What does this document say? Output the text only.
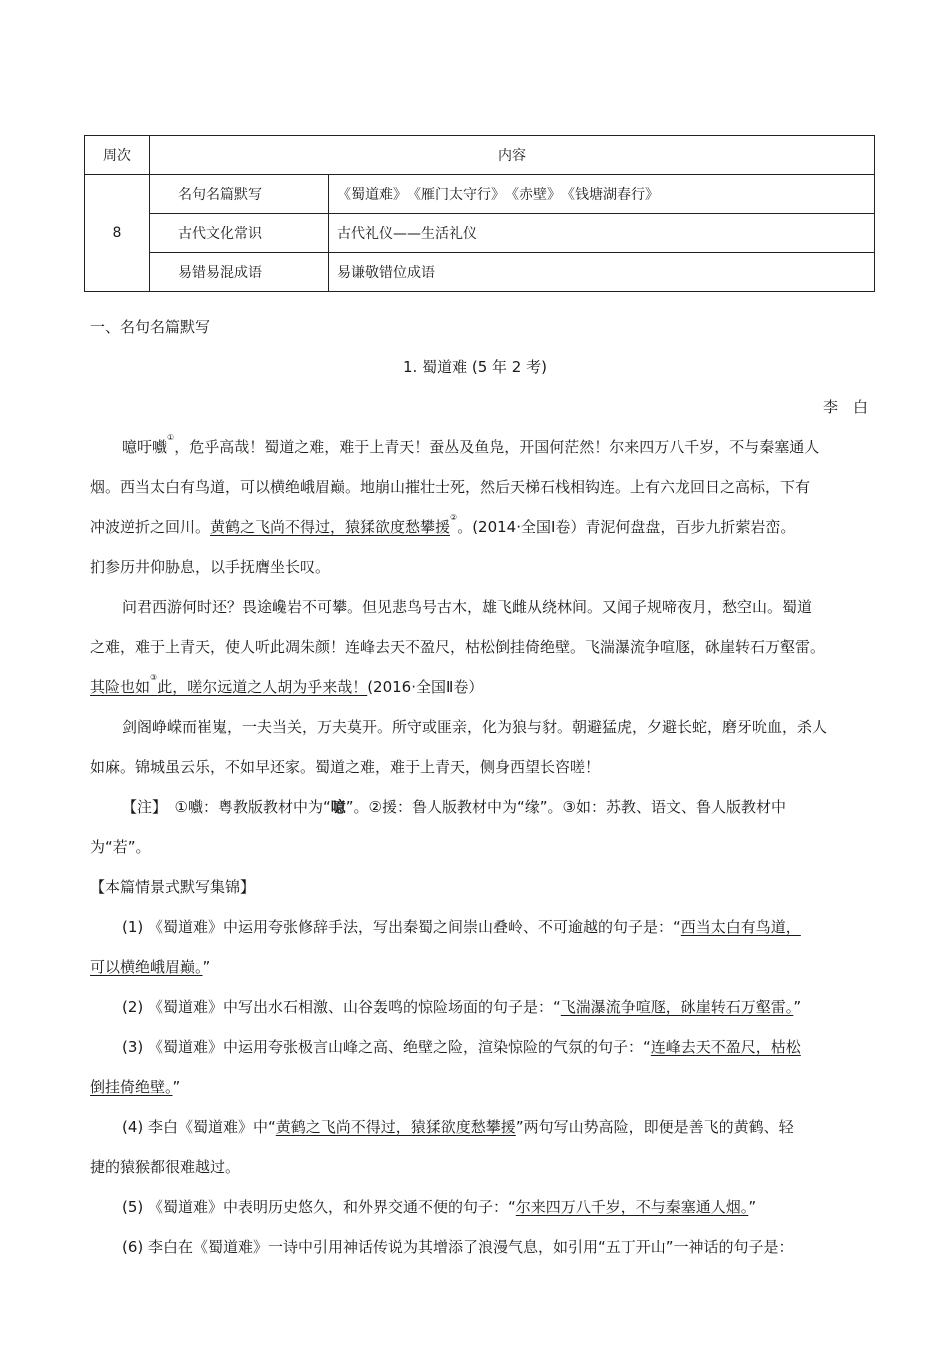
周次	内容	
8	名句名篇默写	《蜀道难》　《雁门太守行》　《赤壁》　《钱塘湖春行》
	古代文化常识	古代礼仪——生活礼仪
	易错易混成语	易谦敬错位成语
一、名句名篇默写
1. 蜀道难 (5 年 2 考)
李　白
噫吁嚱①，危乎高哉！蜀道之难，难于上青天！蚕丛及鱼凫，开国何茫然！尔来四万八千岁，不与秦塞通人
烟。西当太白有鸟道，可以横绝峨眉巅。地崩山摧壮士死，然后天梯石栈相钩连。上有六龙回日之高标，下有
冲波逆折之回川。黄鹤之飞尚不得过，猿猱欲度愁攀援②。(2014·全国Ⅰ卷）青泥何盘盘，百步九折萦岩峦。
扪参历井仰胁息，以手抚膺坐长叹。
问君西游何时还？畏途巉岩不可攀。但见悲鸟号古木，雄飞雌从绕林间。又闻子规啼夜月，愁空山。蜀道
之难，难于上青天，使人听此凋朱颜！连峰去天不盈尺，枯松倒挂倚绝壁。飞湍瀑流争喧豗，砯崖转石万壑雷。
其险也如③此，嗟尔远道之人胡为乎来哉！(2016·全国Ⅱ卷）
剑阁峥嵘而崔嵬，一夫当关，万夫莫开。所守或匪亲，化为狼与豺。朝避猛虎，夕避长蛇，磨牙吮血，杀人
如麻。锦城虽云乐，不如早还家。蜀道之难，难于上青天，侧身西望长咨嗟！
【注】　①嚱：粤教版教材中为“噫”。②援：鲁人版教材中为“缘”。③如：苏教、语文、鲁人版教材中
为“若”。
【本篇情景式默写集锦】
(1) 《蜀道难》中运用夸张修辞手法，写出秦蜀之间崇山叠岭、不可逾越的句子是：“西当太白有鸟道，
可以横绝峨眉巅。”
(2) 《蜀道难》中写出水石相激、山谷轰鸣的惊险场面的句子是：“飞湍瀑流争喧豗，砯崖转石万壑雷。”
(3) 《蜀道难》中运用夸张极言山峰之高、绝壁之险，渲染惊险的气氛的句子：“连峰去天不盈尺，枯松
倒挂倚绝壁。”
(4) 李白《蜀道难》中“黄鹤之飞尚不得过，猿猱欲度愁攀援”两句写山势高险，即便是善飞的黄鹤、轻
捷的猿猴都很难越过。
(5) 《蜀道难》中表明历史悠久，和外界交通不便的句子：“尔来四万八千岁，不与秦塞通人烟。”
(6) 李白在《蜀道难》一诗中引用神话传说为其增添了浪漫气息，如引用“五丁开山”一神话的句子是：
